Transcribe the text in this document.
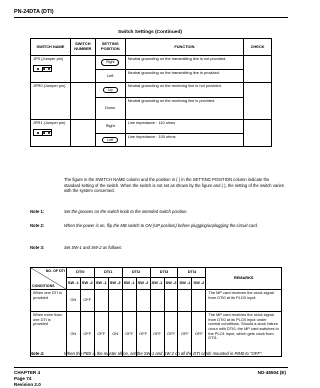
PN-24DTA (DTI)
Switch Settings (Continued)
SWITCH NAME	SWITCH NUMBER	SETTING POSITION	FUNCTION	CHECK
JPS (Jumper pin)		Right	Neutral grounding on the transmitting line is not provided.	
		Left	Neutral grounding on the transmitting line is provided.	
JPR0 (Jumper pin)		Up	Neutral grounding on the receiving line is not provided.	
		Down	Neutral grounding on the receiving line is provided.	
JPR1 (Jumper pin)		Right	Line impedance : 110 ohms	
		Left	Line impedance : 100 ohms	
The figure in the SWITCH NAME column and the position in ( ) in the SETTING POSITION column indicate the standard setting of the switch. When the switch is not set as shown by the figure and ( ), the setting of the switch varies with the system concerned.
Note 1:	Set the grooves on the switch knob to the intended switch position.
Note 2:	When the power is on, flip the MB switch to ON (UP position) before plugging/unplugging the circuit card.
Note 3:	Set SW-1 and SW-2 as follows:
NO. OF DTI
CONDITIONS	DTI0		DTI1		DTI2		DTI3		DTI4		REMARKS
	SW -1	SW -2	SW -1	SW -2	SW -1	SW -2	SW -1	SW -2	SW -1	SW -2	
When one DTI is provided	ON	OFF									The MP card receives the clock signal from DTI0 at its PLO0 input.
When more than one DTI is provided	ON	OFF	OFF	ON	OFF	OFF	OFF	OFF	OFF	OFF	The MP card receives the clock signal from DTI0 at its PLO0 input under normal conditions. Should a clock failure occur with DTI0, the MP card switches to the PLO1 input, which gets clock from DTI1.
Note 4:	When the PBX is the master office, set the SW-1 and SW-2 on all the DTI cards mounted in PIM0 to "OFF".
CHAPTER 4
Page 74
Revision 2.0
ND-45504 (E)
